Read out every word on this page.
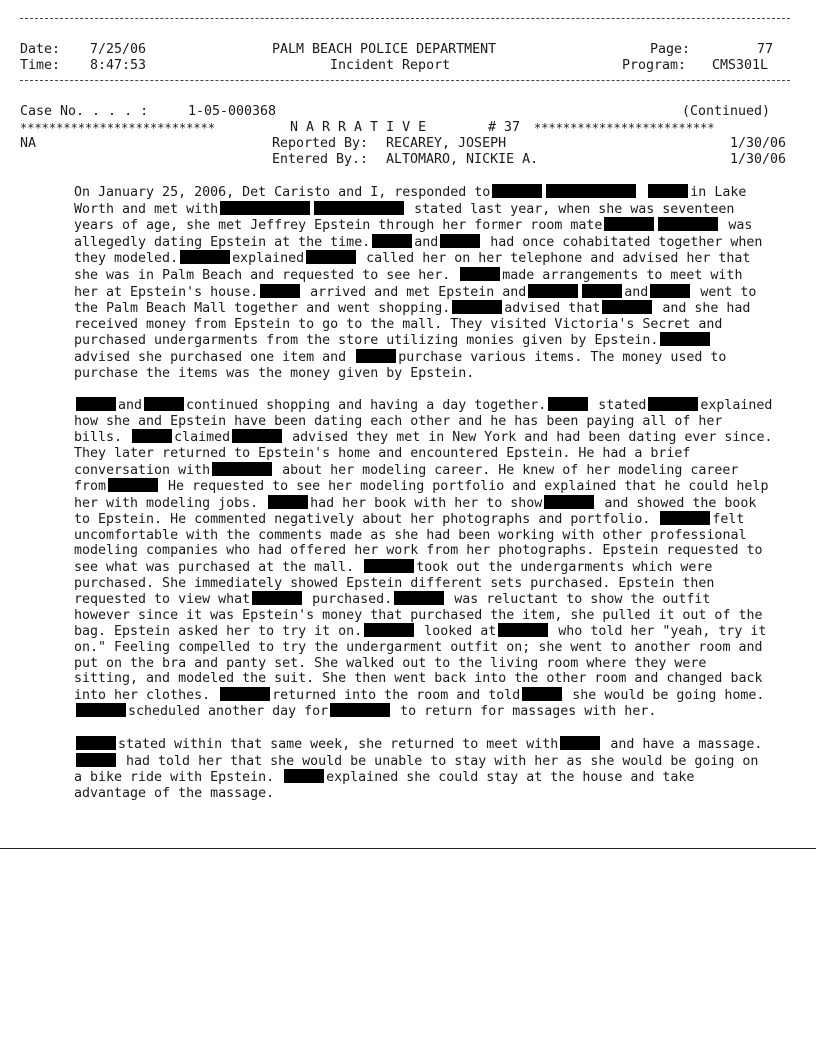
Date: 7/25/06
Time: 8:47:53
PALM BEACH POLICE DEPARTMENT
Incident Report
Page:	77
Program: CMS301L
Case No. . . . :	1-05-000368	(Continued)
***************************	N A R R A T I V E	# 37 *************************
NA	Reported By: RECAREY, JOSEPH	1/30/06
Entered By.: ALTOMARO, NICKIE A.	1/30/06

On January 25, 2006, Det Caristo and I, responded to	in Lake Worth and met with	stated last year, when she was seventeen years of age, she met Jeffrey Epstein through her former room mate	was allegedly dating Epstein at the time.	and	had once cohabitated together when they modeled.	explained	called her on her telephone and advised her that she was in Palm Beach and requested to see her.	made arrangements to meet with her at Epstein's house.	arrived and met Epstein and	and	went to the Palm Beach Mall together and went shopping.	advised that	and she had received money from Epstein to go to the mall. They visited Victoria's Secret and purchased undergarments from the store utilizing monies given by Epstein. advised she purchased one item and	purchase various items. The money used to purchase the items was the money given by Epstein.

and	continued shopping and having a day together.	stated	explained how she and Epstein have been dating each other and he has been paying all of her bills.	claimed	advised they met in New York and had been dating ever since. They later returned to Epstein's home and encountered Epstein. He had a brief conversation with	about her modeling career. He knew of her modeling career from	He requested to see her modeling portfolio and explained that he could help her with modeling jobs.	had her book with her to show	and showed the book to Epstein. He commented negatively about her photographs and portfolio.	felt uncomfortable with the comments made as she had been working with other professional modeling companies who had offered her work from her photographs. Epstein requested to see what was purchased at the mall.	took out the undergarments which were purchased. She immediately showed Epstein different sets purchased. Epstein then requested to view what	purchased.	was reluctant to show the outfit however since it was Epstein's money that purchased the item, she pulled it out of the bag. Epstein asked her to try it on.	looked at	who told her "yeah, try it on." Feeling compelled to try the undergarment outfit on; she went to another room and put on the bra and panty set. She walked out to the living room where they were sitting, and modeled the suit. She then went back into the other room and changed back into her clothes.	returned into the room and told	she would be going home. scheduled another day for	to return for massages with her.

stated within that same week, she returned to meet with	and have a massage. had told her that she would be unable to stay with her as she would be going on a bike ride with Epstein.	explained she could stay at the house and take advantage of the massage.
